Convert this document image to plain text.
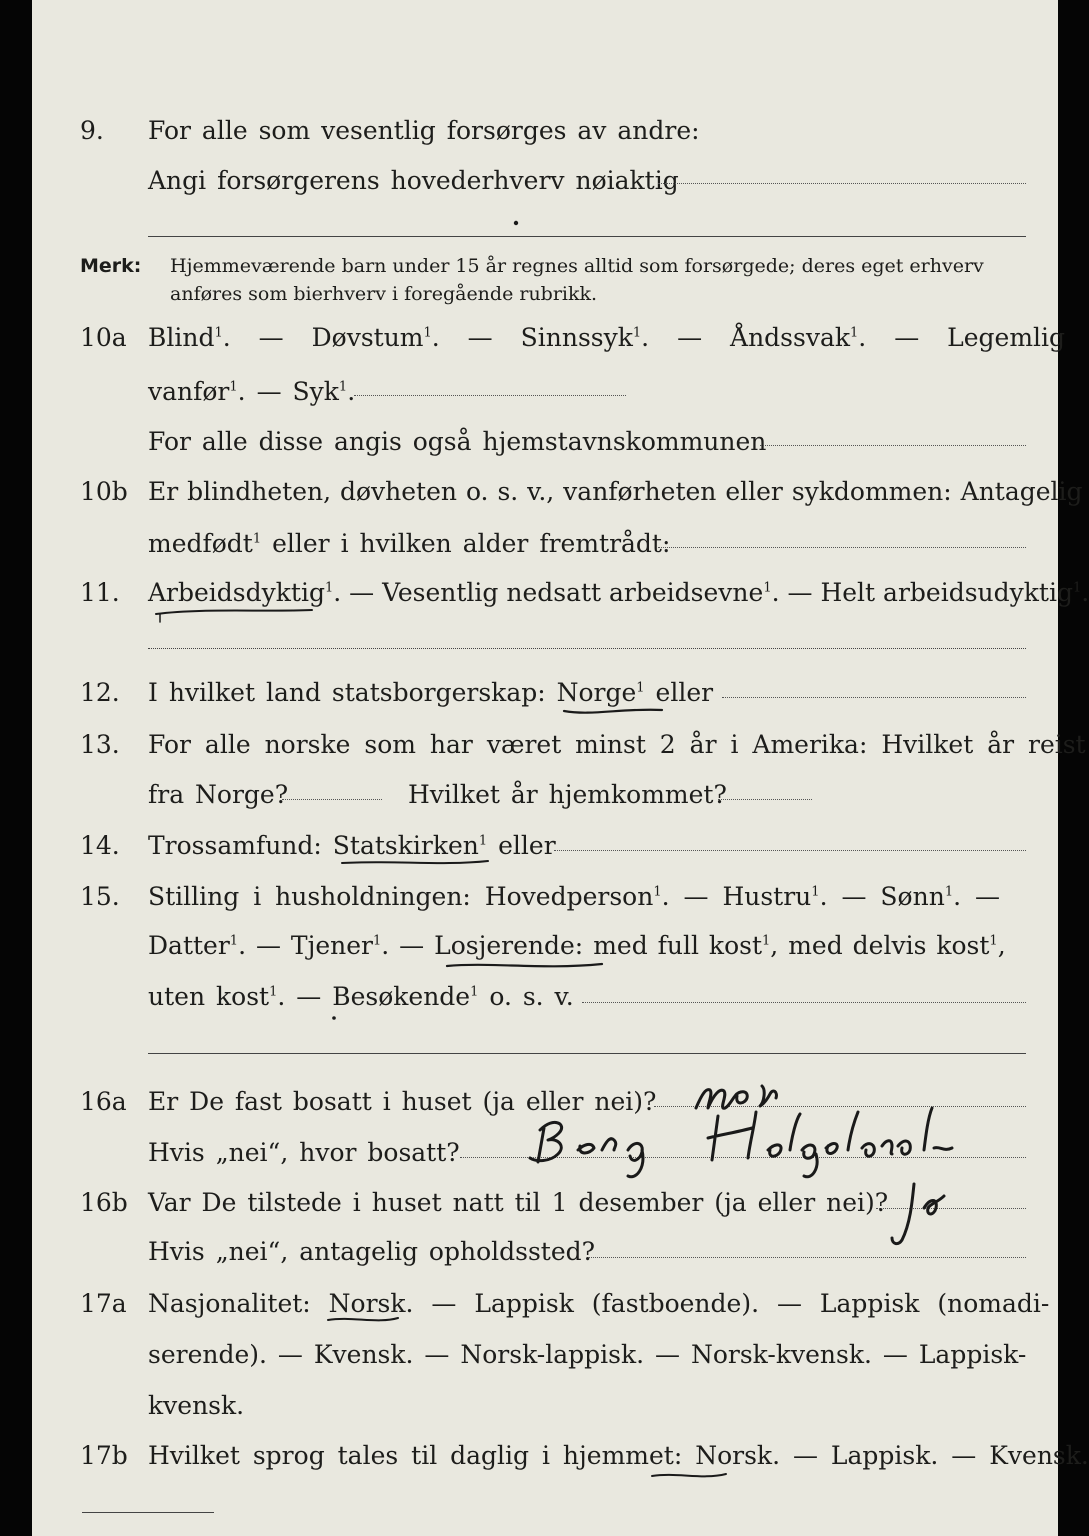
9. For alle som vesentlig forsørges av andre:
Angi forsørgerens hovederhverv nøiaktig
Merk: Hjemmeværende barn under 15 år regnes alltid som forsørgede; deres eget erhverv
anføres som bierhverv i foregående rubrikk.
10a Blind$^1$. — Døvstum$^1$. — Sinnssyk$^1$. — Åndssvak$^1$. — Legemlig
vanfør$^1$. — Syk$^1$.
For alle disse angis også hjemstavnskommunen
10b Er blindheten, døvheten o. s. v., vanførheten eller sykdommen: Antagelig
medfødt$^1$ eller i hvilken alder fremtrådt:
11. Arbeidsdyktig$^1$. — Vesentlig nedsatt arbeidsevne$^1$. — Helt arbeidsudyktig$^1$.
12. I hvilket land statsborgerskap: Norge$^1$ eller
13. For alle norske som har været minst 2 år i Amerika: Hvilket år reist
fra Norge?	Hvilket år hjemkommet?
14. Trossamfund: Statskirken$^1$ eller
15. Stilling i husholdningen: Hovedperson$^1$. — Hustru$^1$. — Sønn$^1$. —
Datter$^1$. — Tjener$^1$. — Losjerende: med full kost$^1$, med delvis kost$^1$,
uten kost$^1$. — Besøkende$^1$ o. s. v.
16a Er De fast bosatt i huset (ja eller nei)?
Hvis „nei“, hvor bosatt?
16b Var De tilstede i huset natt til 1 desember (ja eller nei)?
Hvis „nei“, antagelig opholdssted?
17a Nasjonalitet: Norsk. — Lappisk (fastboende). — Lappisk (nomadi-
serende). — Kvensk. — Norsk-lappisk. — Norsk-kvensk. — Lappisk-
kvensk.
17b Hvilket sprog tales til daglig i hjemmet: Norsk. — Lappisk. — Kvensk.
